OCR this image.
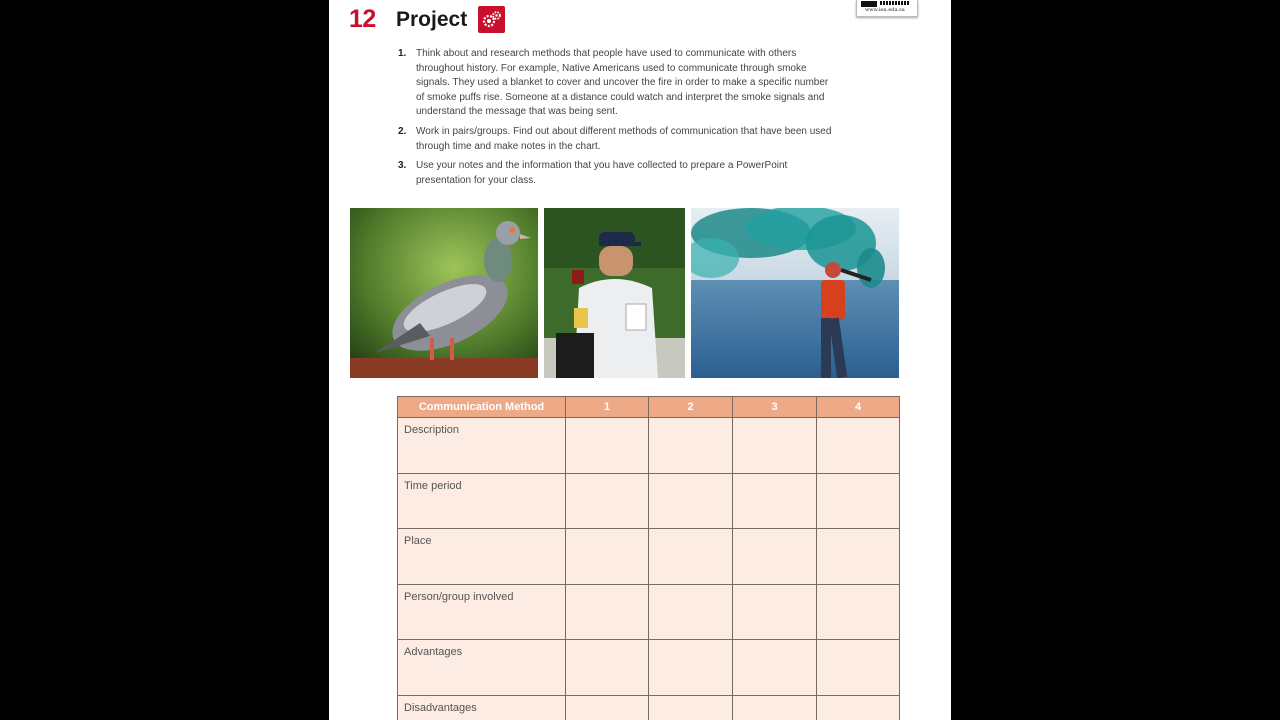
www.ien.edu.sa
12 Project
1. Think about and research methods that people have used to communicate with others throughout history. For example, Native Americans used to communicate through smoke signals. They used a blanket to cover and uncover the fire in order to make a specific number of smoke puffs rise. Someone at a distance could watch and interpret the smoke signals and understand the message that was being sent.
2. Work in pairs/groups. Find out about different methods of communication that have been used through time and make notes in the chart.
3. Use your notes and the information that you have collected to prepare a PowerPoint presentation for your class.
Communication Method	1	2	3	4
Description				
Time period				
Place				
Person/group involved				
Advantages				
Disadvantages				
